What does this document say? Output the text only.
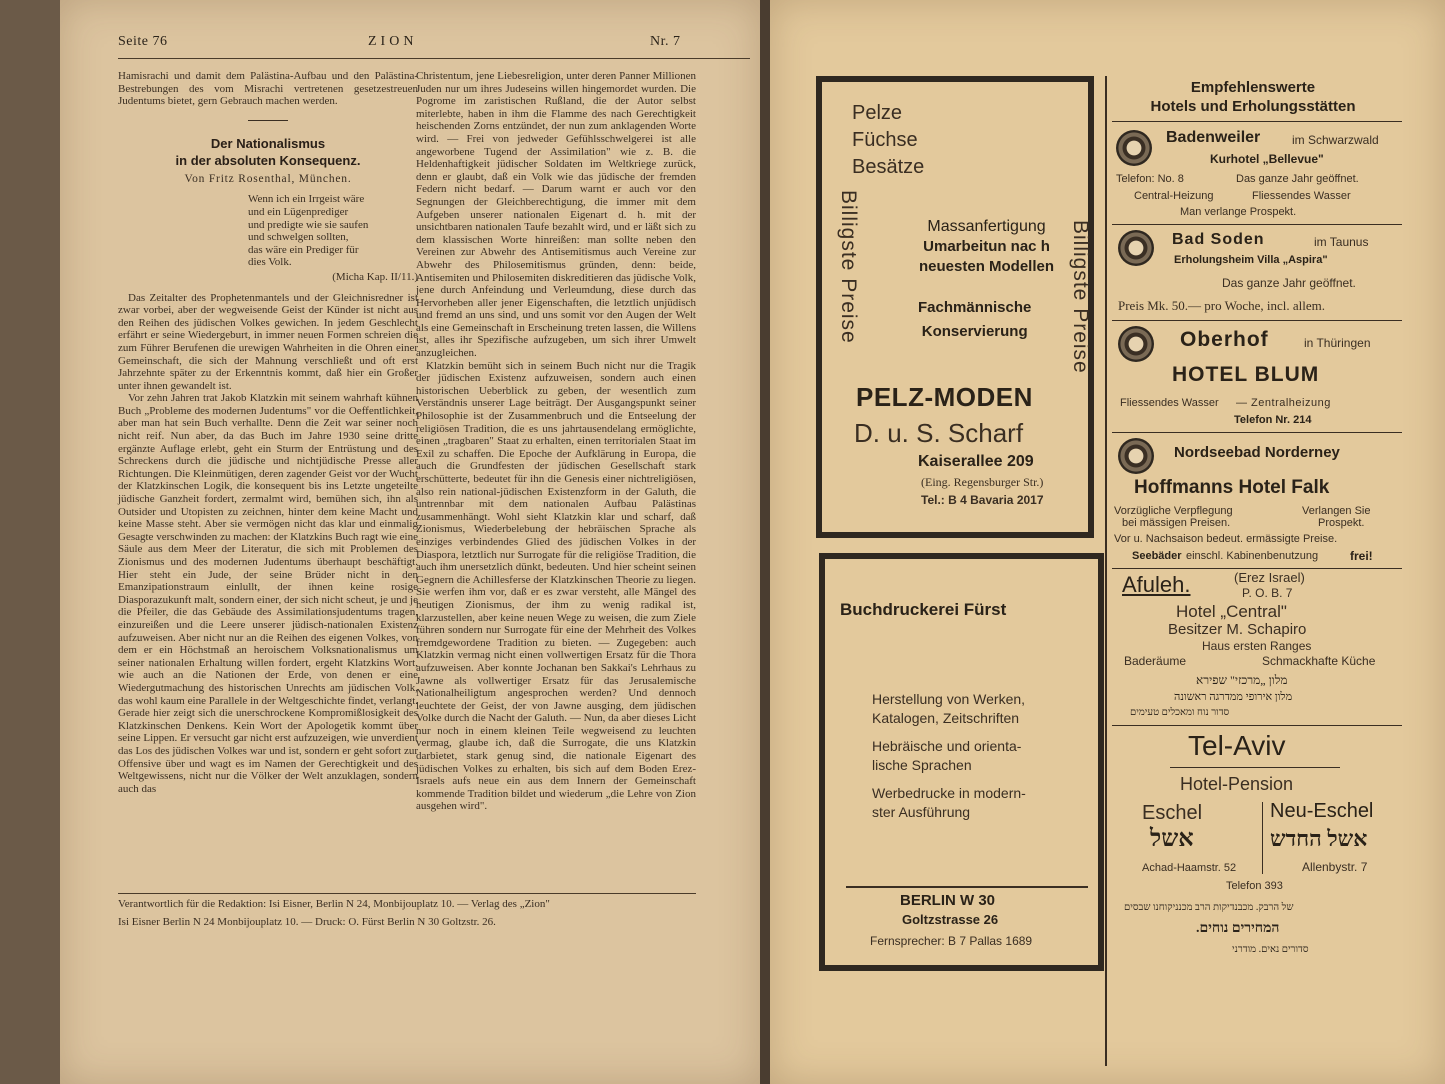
Seite 76	ZION	Nr. 7

Hamisrachi und damit dem Palästina-Aufbau und den Palästina-Bestrebungen des vom Misrachi vertretenen gesetzestreuen Judentums bietet, gern Gebrauch machen werden.

Der Nationalismus
in der absoluten Konsequenz.
Von Fritz Rosenthal, München.
Wenn ich ein Irrgeist wäre
und ein Lügenprediger
und predigte wie sie saufen
und schwelgen sollten,
das wäre ein Prediger für
dies Volk.
(Micha Kap. II/11.)

Das Zeitalter des Prophetenmantels und der Gleichnisredner ist zwar vorbei, aber der wegweisende Geist der Künder ist nicht aus den Reihen des jüdischen Volkes gewichen. In jedem Geschlecht erfährt er seine Wiedergeburt, in immer neuen Formen schreien die zum Führer Berufenen die urewigen Wahrheiten in die Ohren einer Gemeinschaft, die sich der Mahnung verschließt und oft erst Jahrzehnte später zu der Erkenntnis kommt, daß hier ein Großer unter ihnen gewandelt ist.

Vor zehn Jahren trat Jakob Klatzkin mit seinem wahrhaft kühnen Buch „Probleme des modernen Judentums" vor die Oeffentlichkeit, aber man hat sein Buch verhallte. Denn die Zeit war seiner noch nicht reif. Nun aber, da das Buch im Jahre 1930 seine dritte ergänzte Auflage erlebt, geht ein Sturm der Entrüstung und des Schreckens durch die jüdische und nichtjüdische Presse aller Richtungen. Die Kleinmütigen, deren zagender Geist vor der Wucht der Klatzkinschen Logik, die konsequent bis ins Letzte ungeteilte jüdische Ganzheit fordert, zermalmt wird, bemühen sich, ihn als Outsider und Utopisten zu zeichnen, hinter dem keine Macht und keine Masse steht. Aber sie vermögen nicht das klar und einmalig Gesagte verschwinden zu machen: der Klatzkins Buch ragt wie eine Säule aus dem Meer der Literatur, die sich mit Problemen des Zionismus und des modernen Judentums überhaupt beschäftigt. Hier steht ein Jude, der seine Brüder nicht in den Emanzipationstraum einlullt, der ihnen keine rosige Diasporazukunft malt, sondern einer, der sich nicht scheut, je und je die Pfeiler, die das Gebäude des Assimilationsjudentums tragen, einzureißen und die Leere unserer jüdisch-nationalen Existenz aufzuweisen. Aber nicht nur an die Reihen des eigenen Volkes, von dem er ein Höchstmaß an heroischem Volksnationalismus um seiner nationalen Erhaltung willen fordert, ergeht Klatzkins Wort, wie auch an die Nationen der Erde, von denen er eine Wiedergutmachung des historischen Unrechts am jüdischen Volk, das wohl kaum eine Parallele in der Weltgeschichte findet, verlangt. Gerade hier zeigt sich die unerschrockene Kompromißlosigkeit des Klatzkinschen Denkens. Kein Wort der Apologetik kommt über seine Lippen. Er versucht gar nicht erst aufzuzeigen, wie unverdient das Los des jüdischen Volkes war und ist, sondern er geht sofort zur Offensive über und wagt es im Namen der Gerechtigkeit und des Weltgewissens, nicht nur die Völker der Welt anzuklagen, sondern auch das

Christentum, jene Liebesreligion, unter deren Panner Millionen Juden nur um ihres Judeseins willen hingemordet wurden. Die Pogrome im zaristischen Rußland, die der Autor selbst miterlebte, haben in ihm die Flamme des nach Gerechtigkeit heischenden Zorns entzündet, der nun zum anklagenden Worte wird. — Frei von jedweder Gefühlsschwelgerei ist alle angeworbene Tugend der Assimilation" wie z. B. die Heldenhaftigkeit jüdischer Soldaten im Weltkriege zurück, denn er glaubt, daß ein Volk wie das jüdische der fremden Federn nicht bedarf. — Darum warnt er auch vor den Segnungen der Gleichberechtigung, die immer mit dem Aufgeben unserer nationalen Eigenart d. h. mit der unsichtbaren nationalen Taufe bezahlt wird, und er läßt sich zu dem klassischen Worte hinreißen: man sollte neben den Vereinen zur Abwehr des Antisemitismus auch Vereine zur Abwehr des Philosemitismus gründen, denn: beide, Antisemiten und Philosemiten diskreditieren das jüdische Volk, jene durch Anfeindung und Verleumdung, diese durch das Hervorheben aller jener Eigenschaften, die letztlich unjüdisch und fremd an uns sind, und uns somit vor den Augen der Welt als eine Gemeinschaft in Erscheinung treten lassen, die Willens ist, alles ihr Spezifische aufzugeben, um sich ihrer Umwelt anzugleichen.

Klatzkin bemüht sich in seinem Buch nicht nur die Tragik der jüdischen Existenz aufzuweisen, sondern auch einen historischen Ueberblick zu geben, der wesentlich zum Verständnis unserer Lage beiträgt. Der Ausgangspunkt seiner Philosophie ist der Zusammenbruch und die Entseelung der religiösen Tradition, die es uns jahrtausendelang ermöglichte, einen „tragbaren" Staat zu erhalten, einen territorialen Staat im Exil zu schaffen. Die Epoche der Aufklärung in Europa, die auch die Grundfesten der jüdischen Gesellschaft stark erschütterte, bedeutet für ihn die Genesis einer nichtreligiösen, also rein national-jüdischen Existenzform in der Galuth, die untrennbar mit dem nationalen Aufbau Palästinas zusammenhängt. Wohl sieht Klatzkin klar und scharf, daß Zionismus, Wiederbelebung der hebräischen Sprache als einziges verbindendes Glied des jüdischen Volkes in der Diaspora, letztlich nur Surrogate für die religiöse Tradition, die auch ihm unersetzlich dünkt, bedeuten. Und hier scheint seinen Gegnern die Achillesferse der Klatzkinschen Theorie zu liegen. Sie werfen ihm vor, daß er es zwar versteht, alle Mängel des heutigen Zionismus, der ihm zu wenig radikal ist, klarzustellen, aber keine neuen Wege zu weisen, die zum Ziele führen sondern nur Surrogate für eine der Mehrheit des Volkes fremdgewordene Tradition zu bieten. — Zugegeben: auch Klatzkin vermag nicht einen vollwertigen Ersatz für die Thora aufzuweisen. Aber konnte Jochanan ben Sakkai's Lehrhaus zu Jawne als vollwertiger Ersatz für das Jerusalemische Nationalheiligtum angesprochen werden? Und dennoch leuchtete der Geist, der von Jawne ausging, dem jüdischen Volke durch die Nacht der Galuth. — Nun, da aber dieses Licht nur noch in einem kleinen Teile wegweisend zu leuchten vermag, glaube ich, daß die Surrogate, die uns Klatzkin darbietet, stark genug sind, die nationale Eigenart des jüdischen Volkes zu erhalten, bis sich auf dem Boden Erez-Israels aufs neue ein aus dem Innern der Gemeinschaft kommende Tradition bildet und wiederum „die Lehre von Zion ausgehen wird".

Verantwortlich für die Redaktion: Isi Eisner, Berlin N 24, Monbijouplatz 10. — Verlag des „Zion"
Isi Eisner Berlin N 24 Monbijouplatz 10. — Druck: O. Fürst Berlin N 30 Goltzstr. 26.
Pelze
Füchse
Besätze
Billigste Preise	Billigste Preise
Massanfertigung
Umarbeitun nac h
neuesten Modellen
Fachmännische
Konservierung
PELZ-MODEN
D. u. S. Scharf
Kaiserallee 209
(Eing. Regensburger Str.)
Tel.: B 4 Bavaria 2017
Buchdruckerei Fürst
Herstellung von Werken,
Katalogen, Zeitschriften
Hebräische und orienta-
lische Sprachen
Werbedrucke in modern-
ster Ausführung
BERLIN W 30
Goltzstrasse 26
Fernsprecher: B 7 Pallas 1689
Empfehlenswerte
Hotels und Erholungsstätten
Badenweiler	im Schwarzwald
Kurhotel „Bellevue"
Telefon: No. 8	Das ganze Jahr geöffnet.
Central-Heizung	Fliessendes Wasser
Man verlange Prospekt.
Bad Soden	im Taunus
Erholungsheim Villa „Aspira"
Das ganze Jahr geöffnet.
Preis Mk. 50.— pro Woche, incl. allem.
Oberhof	in Thüringen
HOTEL BLUM
Fliessendes Wasser — Zentralheizung
Telefon Nr. 214
Nordseebad Norderney
Hoffmanns Hotel Falk
Vorzügliche Verpflegung	Verlangen Sie
bei mässigen Preisen.	Prospekt.
Vor u. Nachsaison bedeut. ermässigte Preise.
Seebäder einschl. Kabinenbenutzung	frei!
Afuleh.	(Erez Israel)
P. O. B. 7
Hotel „Central"
Besitzer M. Schapiro
Haus ersten Ranges
Baderäume	Schmackhafte Küche
מלון „מרכזי" שפירא
מלון אירופי ממדרגה ראשונה
סדור נוח ומאכלים טעימים
Tel-Aviv
Hotel-Pension
Eschel	Neu-Eschel
אשל	אשל החדש
Achad-Haamstr. 52	Allenbystr. 7
Telefon 393
של הרבק. מכבנדיקות הרב מכנניקוחנו שבסים
המחירים נוחים.
סדורים נאים. מודרני
